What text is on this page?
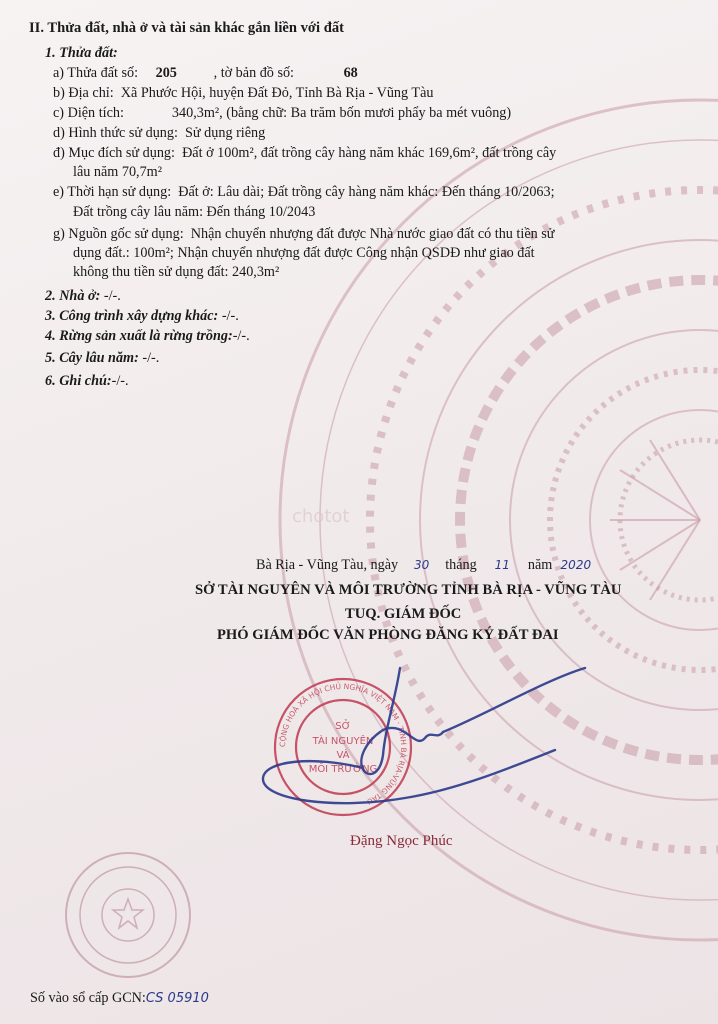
chotot
II. Thửa đất, nhà ở và tài sản khác gắn liền với đất
1. Thửa đất:
a) Thửa đất số: 205	, tờ bản đồ số:	68
b) Địa chỉ: Xã Phước Hội, huyện Đất Đỏ, Tỉnh Bà Rịa - Vũng Tàu
c) Diện tích:	340,3m², (bằng chữ: Ba trăm bốn mươi phẩy ba mét vuông)
d) Hình thức sử dụng: Sử dụng riêng
đ) Mục đích sử dụng: Đất ở 100m², đất trồng cây hàng năm khác 169,6m², đất trồng cây
lâu năm 70,7m²
e) Thời hạn sử dụng: Đất ở: Lâu dài; Đất trồng cây hàng năm khác: Đến tháng 10/2063;
Đất trồng cây lâu năm: Đến tháng 10/2043
g) Nguồn gốc sử dụng: Nhận chuyển nhượng đất được Nhà nước giao đất có thu tiền sử
dụng đất.: 100m²; Nhận chuyển nhượng đất được Công nhận QSDĐ như giao đất
không thu tiền sử dụng đất: 240,3m²
2. Nhà ở: -/-.
3. Công trình xây dựng khác: -/-.
4. Rừng sản xuất là rừng trồng:-/-.
5. Cây lâu năm: -/-.
6. Ghi chú:-/-.
Bà Rịa - Vũng Tàu, ngày 30 tháng 11 năm 2020
SỞ TÀI NGUYÊN VÀ MÔI TRƯỜNG TỈNH BÀ RỊA - VŨNG TÀU
TUQ. GIÁM ĐỐC
PHÓ GIÁM ĐỐC VĂN PHÒNG ĐĂNG KÝ ĐẤT ĐAI
SỞ
TÀI NGUYÊN
VÀ
MÔI TRƯỜNG
CỘNG HOÀ XÃ HỘI CHỦ NGHĨA VIỆT NAM · TỈNH BÀ RỊA-VŨNG TÀU
Đặng Ngọc Phúc
Số vào sổ cấp GCN:CS 05910
